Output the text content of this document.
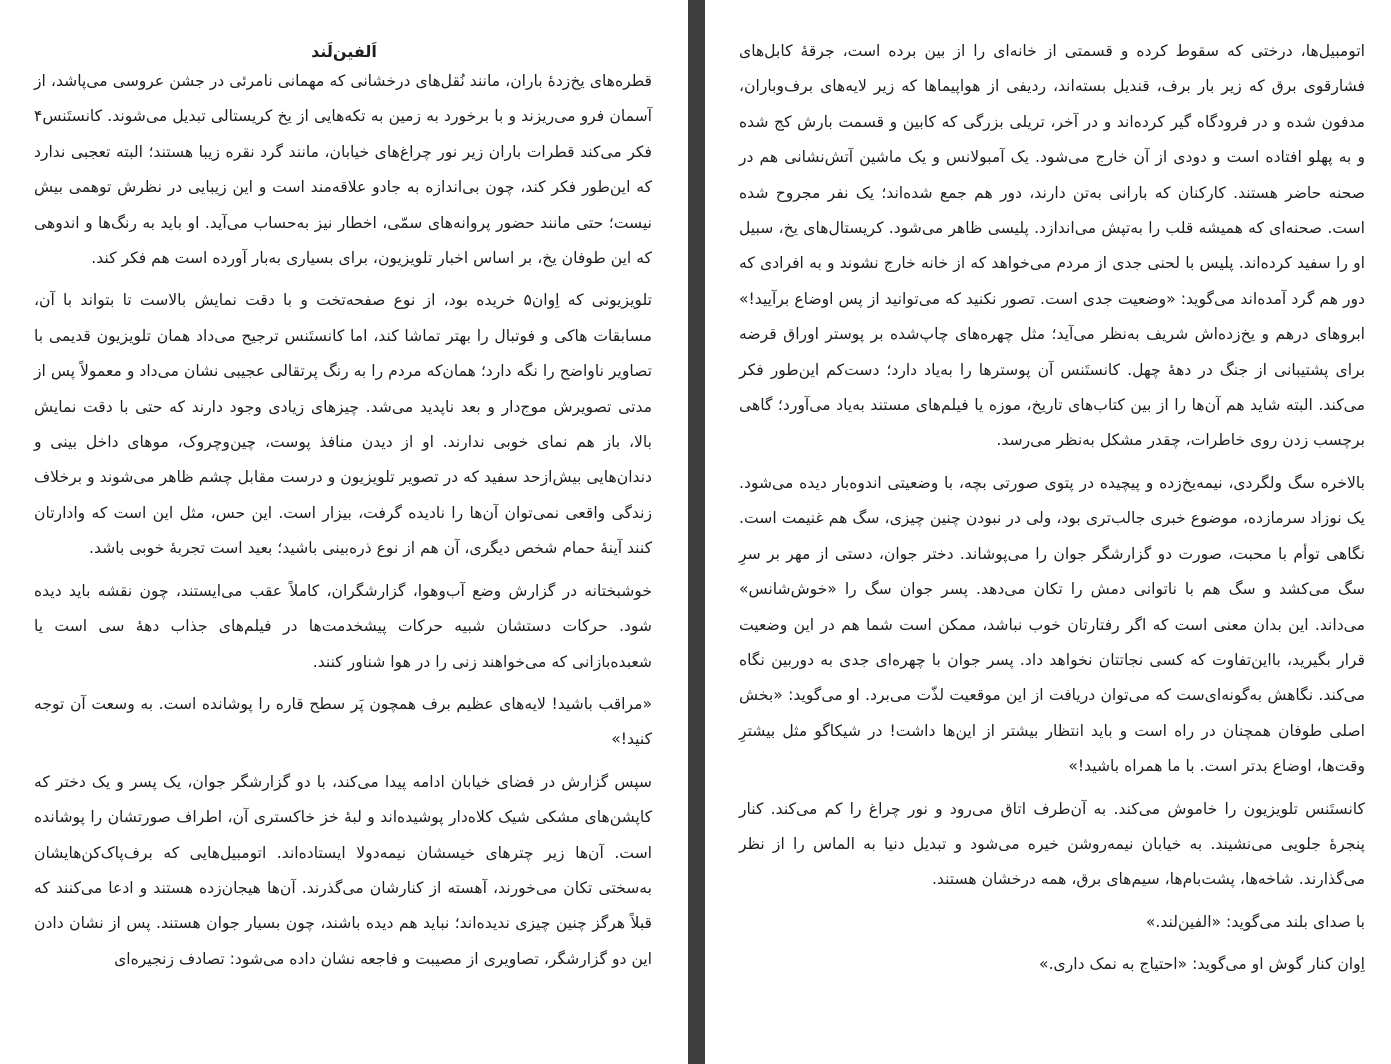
اَلفین‌لَند

قطره‌های یخ‌زدهٔ باران، مانند نُقل‌های درخشانی که مهمانی نامرئی در جشن عروسی می‌پاشد، از آسمان فرو می‌ریزند و با برخورد به زمین به تکه‌هایی از یخ کریستالی تبدیل می‌شوند. کانستَنس۴ فکر می‌کند قطرات باران زیر نور چراغ‌های خیابان، مانند گرد نقره زیبا هستند؛ البته تعجبی ندارد که این‌طور فکر کند، چون بی‌اندازه به جادو علاقه‌مند است و این زیبایی در نظرش توهمی بیش نیست؛ حتی مانند حضور پروانه‌های سمّی، اخطار نیز به‌حساب می‌آید. او باید به رنگ‌ها و اندوهی که این طوفان یخ، بر اساس اخبار تلویزیون، برای بسیاری به‌بار آورده است هم فکر کند.

تلویزیونی که اِوان۵ خریده بود، از نوع صفحه‌تخت و با دقت نمایش بالاست تا بتواند با آن، مسابقات هاکی و فوتبال را بهتر تماشا کند، اما کانستَنس ترجیح می‌داد همان تلویزیون قدیمی با تصاویر ناواضح را نگه دارد؛ همان‌که مردم را به رنگ پرتقالی عجیبی نشان می‌داد و معمولاً پس از مدتی تصویرش موج‌دار و بعد ناپدید می‌شد. چیزهای زیادی وجود دارند که حتی با دقت نمایش بالا، باز هم نمای خوبی ندارند. او از دیدن منافذ پوست، چین‌وچروک، موهای داخل بینی و دندان‌هایی بیش‌ازحد سفید که در تصویر تلویزیون و درست مقابل چشم ظاهر می‌شوند و برخلاف زندگی واقعی نمی‌توان آن‌ها را نادیده گرفت، بیزار است. این حس، مثل این است که وادارتان کنند آینهٔ حمام شخص دیگری، آن هم از نوع ذره‌بینی باشید؛ بعید است تجربهٔ خوبی باشد.

خوشبختانه در گزارش وضع آب‌وهوا، گزارشگران، کاملاً عقب می‌ایستند، چون نقشه باید دیده شود. حرکات دستشان شبیه حرکات پیشخدمت‌ها در فیلم‌های جذاب دههٔ سی است یا شعبده‌بازانی که می‌خواهند زنی را در هوا شناور کنند.

«مراقب باشید! لایه‌های عظیم برف همچون پَر سطح قاره را پوشانده است. به وسعت آن توجه کنید!»

سپس گزارش در فضای خیابان ادامه پیدا می‌کند، با دو گزارشگر جوان، یک پسر و یک دختر که کاپشن‌های مشکی شیک کلاه‌دار پوشیده‌اند و لبهٔ خز خاکستری آن، اطراف صورتشان را پوشانده است. آن‌ها زیر چترهای خیسشان نیمه‌دولا ایستاده‌اند. اتومبیل‌هایی که برف‌پاک‌کن‌هایشان به‌سختی تکان می‌خورند، آهسته از کنارشان می‌گذرند. آن‌ها هیجان‌زده هستند و ادعا می‌کنند که قبلاً هرگز چنین چیزی ندیده‌اند؛ نباید هم دیده باشند، چون بسیار جوان هستند. پس از نشان دادن این دو گزارشگر، تصاویری از مصیبت و فاجعه نشان داده می‌شود: تصادف زنجیره‌ای

اتومبیل‌ها، درختی که سقوط کرده و قسمتی از خانه‌ای را از بین برده است، جرقهٔ کابل‌های فشارقوی برق که زیر بار برف، قندیل بسته‌اند، ردیفی از هواپیماها که زیر لایه‌های برف‌وباران، مدفون شده و در فرودگاه گیر کرده‌اند و در آخر، تریلی بزرگی که کابین و قسمت بارش کج شده و به پهلو افتاده است و دودی از آن خارج می‌شود. یک آمبولانس و یک ماشین آتش‌نشانی هم در صحنه حاضر هستند. کارکنان که بارانی به‌تن دارند، دور هم جمع شده‌اند؛ یک نفر مجروح شده است. صحنه‌ای که همیشه قلب را به‌تپش می‌اندازد. پلیسی ظاهر می‌شود. کریستال‌های یخ، سبیل او را سفید کرده‌اند. پلیس با لحنی جدی از مردم می‌خواهد که از خانه خارج نشوند و به افرادی که دور هم گرد آمده‌اند می‌گوید: «وضعیت جدی است. تصور نکنید که می‌توانید از پس اوضاع برآیید!» ابروهای درهم و یخ‌زده‌اش شریف به‌نظر می‌آید؛ مثل چهره‌های چاپ‌شده بر پوستر اوراق قرضه برای پشتیبانی از جنگ در دههٔ چهل. کانستَنس آن پوسترها را به‌یاد دارد؛ دست‌کم این‌طور فکر می‌کند. البته شاید هم آن‌ها را از بین کتاب‌های تاریخ، موزه یا فیلم‌های مستند به‌یاد می‌آورد؛ گاهی برچسب زدن روی خاطرات، چقدر مشکل به‌نظر می‌رسد.

بالاخره سگ ولگردی، نیمه‌یخ‌زده و پیچیده در پتوی صورتی بچه، با وضعیتی اندوه‌بار دیده می‌شود. یک نوزاد سرمازده، موضوع خبری جالب‌تری بود، ولی در نبودن چنین چیزی، سگ هم غنیمت است. نگاهی توأم با محبت، صورت دو گزارشگر جوان را می‌پوشاند. دختر جوان، دستی از مهر بر سرِ سگ می‌کشد و سگ هم با ناتوانی دمش را تکان می‌دهد. پسر جوان سگ را «خوش‌شانس» می‌داند. این بدان معنی است که اگر رفتارتان خوب نباشد، ممکن است شما هم در این وضعیت قرار بگیرید، بااین‌تفاوت که کسی نجاتتان نخواهد داد. پسر جوان با چهره‌ای جدی به دوربین نگاه می‌کند. نگاهش به‌گونه‌ای‌ست که می‌توان دریافت از این موقعیت لذّت می‌برد. او می‌گوید: «بخش اصلی طوفان همچنان در راه است و باید انتظار بیشتر از این‌ها داشت! در شیکاگو مثل بیشترِ وقت‌ها، اوضاع بدتر است. با ما همراه باشید!»

کانستَنس تلویزیون را خاموش می‌کند. به آن‌طرف اتاق می‌رود و نور چراغ را کم می‌کند. کنار پنجرهٔ جلویی می‌نشیند. به خیابان نیمه‌روشن خیره می‌شود و تبدیل دنیا به الماس را از نظر می‌گذارند. شاخه‌ها، پشت‌بام‌ها، سیم‌های برق، همه درخشان هستند.

با صدای بلند می‌گوید: «الفین‌لند.»

اِوان کنار گوش او می‌گوید: «احتیاج به نمک داری.»
